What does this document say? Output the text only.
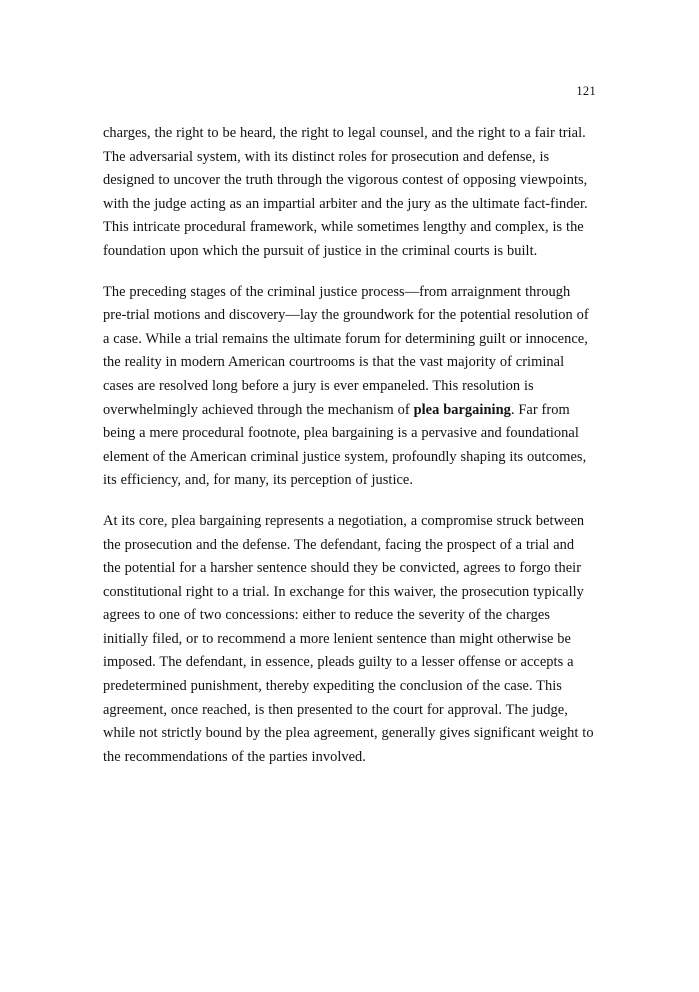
121

charges, the right to be heard, the right to legal counsel, and the right to a fair trial. The adversarial system, with its distinct roles for prosecution and defense, is designed to uncover the truth through the vigorous contest of opposing viewpoints, with the judge acting as an impartial arbiter and the jury as the ultimate fact-finder. This intricate procedural framework, while sometimes lengthy and complex, is the foundation upon which the pursuit of justice in the criminal courts is built.

The preceding stages of the criminal justice process—from arraignment through pre-trial motions and discovery—lay the groundwork for the potential resolution of a case. While a trial remains the ultimate forum for determining guilt or innocence, the reality in modern American courtrooms is that the vast majority of criminal cases are resolved long before a jury is ever empaneled. This resolution is overwhelmingly achieved through the mechanism of plea bargaining. Far from being a mere procedural footnote, plea bargaining is a pervasive and foundational element of the American criminal justice system, profoundly shaping its outcomes, its efficiency, and, for many, its perception of justice.

At its core, plea bargaining represents a negotiation, a compromise struck between the prosecution and the defense. The defendant, facing the prospect of a trial and the potential for a harsher sentence should they be convicted, agrees to forgo their constitutional right to a trial. In exchange for this waiver, the prosecution typically agrees to one of two concessions: either to reduce the severity of the charges initially filed, or to recommend a more lenient sentence than might otherwise be imposed. The defendant, in essence, pleads guilty to a lesser offense or accepts a predetermined punishment, thereby expediting the conclusion of the case. This agreement, once reached, is then presented to the court for approval. The judge, while not strictly bound by the plea agreement, generally gives significant weight to the recommendations of the parties involved.
